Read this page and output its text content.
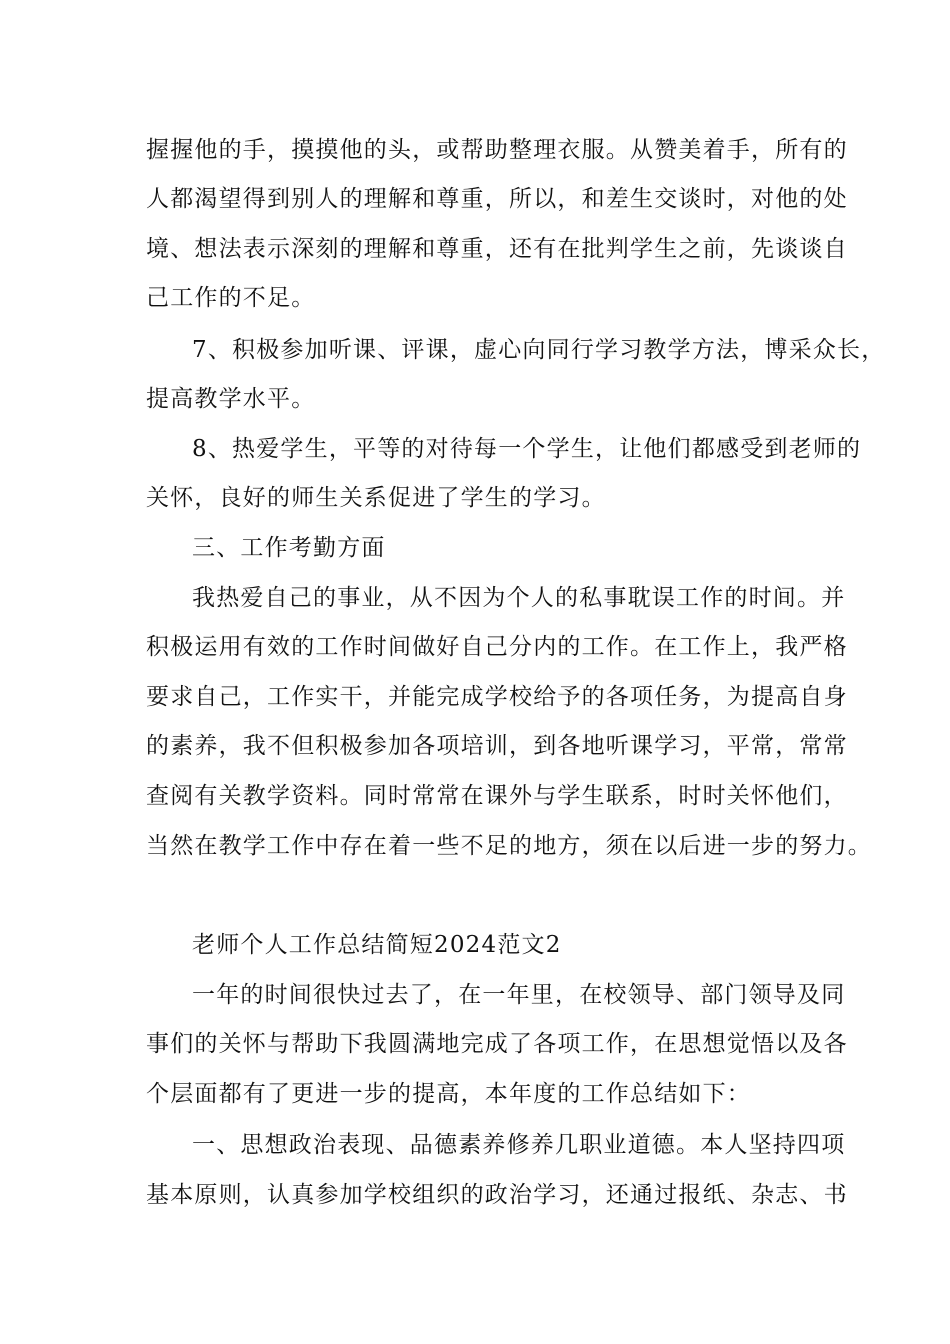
握握他的手，摸摸他的头，或帮助整理衣服。从赞美着手，所有的
人都渴望得到别人的理解和尊重，所以，和差生交谈时，对他的处
境、想法表示深刻的理解和尊重，还有在批判学生之前，先谈谈自
己工作的不足。
7、积极参加听课、评课，虚心向同行学习教学方法，博采众长，
提高教学水平。
8、热爱学生，平等的对待每一个学生，让他们都感受到老师的
关怀，良好的师生关系促进了学生的学习。
三、工作考勤方面
我热爱自己的事业，从不因为个人的私事耽误工作的时间。并
积极运用有效的工作时间做好自己分内的工作。在工作上，我严格
要求自己，工作实干，并能完成学校给予的各项任务，为提高自身
的素养，我不但积极参加各项培训，到各地听课学习，平常，常常
查阅有关教学资料。同时常常在课外与学生联系，时时关怀他们，
当然在教学工作中存在着一些不足的地方，须在以后进一步的努力。
老师个人工作总结简短2024范文2
一年的时间很快过去了，在一年里，在校领导、部门领导及同
事们的关怀与帮助下我圆满地完成了各项工作，在思想觉悟以及各
个层面都有了更进一步的提高，本年度的工作总结如下：
一、思想政治表现、品德素养修养几职业道德。本人坚持四项
基本原则，认真参加学校组织的政治学习，还通过报纸、杂志、书
